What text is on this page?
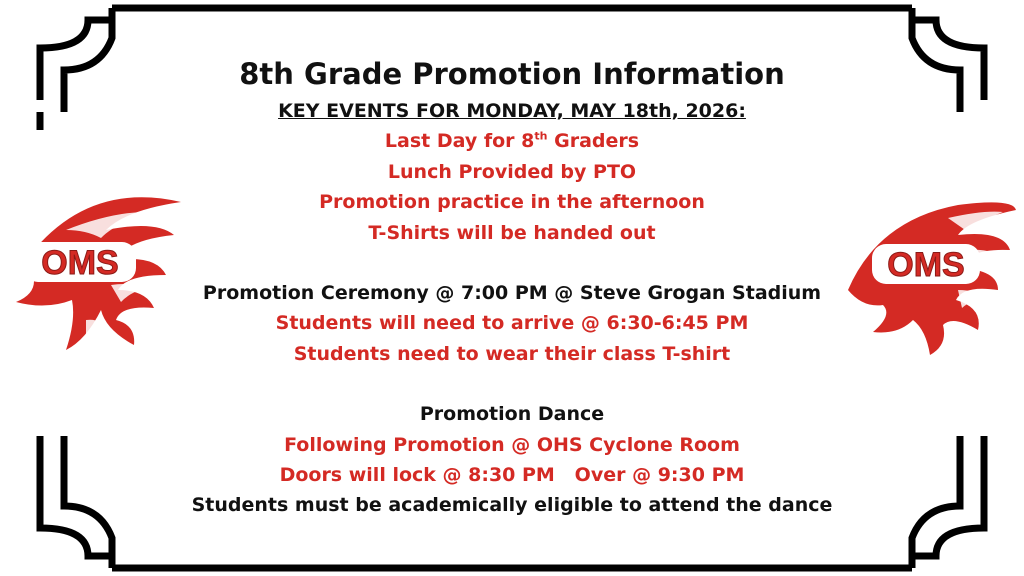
OMS	OMS
8th Grade Promotion Information

KEY EVENTS FOR MONDAY, MAY 18th, 2026:

Last Day for 8th Graders

Lunch Provided by PTO

Promotion practice in the afternoon

T-Shirts will be handed out

Promotion Ceremony @ 7:00 PM @ Steve Grogan Stadium

Students will need to arrive @ 6:30-6:45 PM

Students need to wear their class T-shirt

Promotion Dance

Following Promotion @ OHS Cyclone Room

Doors will lock @ 8:30 PM   Over @ 9:30 PM

Students must be academically eligible to attend the dance
